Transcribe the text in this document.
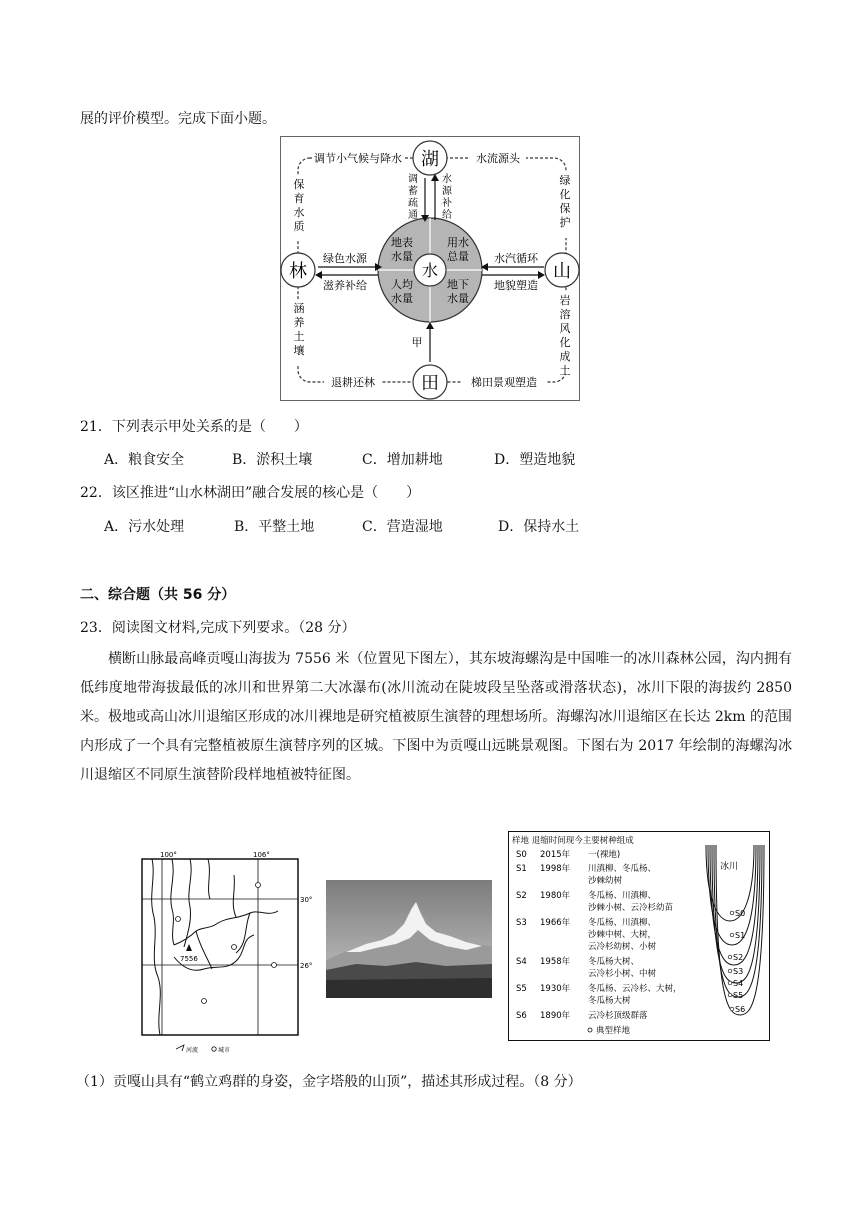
展的评价模型。完成下面小题。
水
地表
水量
用水
总量
人均
水量
地下
水量
湖
林	山
田
调节小气候与降水	水流源头
退耕还林	梯田景观塑造
保
育
水
质
涵
养
土
壤
绿
化
保
护
岩
溶
风
化
成
土
调
蓄
疏
通
水
源
补
给
绿色水源
滋养补给
水汽循环
地貌塑造
甲
21．下列表示甲处关系的是（　　）
A．粮食安全	B．淤积土壤	C．增加耕地	D．塑造地貌
22．该区推进“山水林湖田”融合发展的核心是（　　）
A．污水处理	B．平整土地	C．营造湿地	D．保持水土
二、综合题（共 56 分）
23．阅读图文材料,完成下列要求。（28 分）
横断山脉最高峰贡嘎山海拔为 7556 米（位置见下图左），其东坡海螺沟是中国唯一的冰川森林公园，沟内拥有低纬度地带海拔最低的冰川和世界第二大冰瀑布(冰川流动在陡坡段呈坠落或滑落状态)，冰川下限的海拔约 2850 米。极地或高山冰川退缩区形成的冰川裸地是研究植被原生演替的理想场所。海螺沟冰川退缩区在长达 2km 的范围内形成了一个具有完整植被原生演替序列的区城。下图中为贡嘎山远眺景观图。下图右为 2017 年绘制的海螺沟冰川退缩区不同原生演替阶段样地植被特征图。
100°	106°
30°
26°
7556
河流	城市
样地 退缩时间现今主要树种组成
S0 2015年 一(裸地)
S1 1998年 川滇柳、冬瓜杨、
沙棘幼树
S2 1980年 冬瓜杨、川滇柳、
沙棘小树、云冷杉幼苗
S3 1966年 冬瓜杨、川滇柳、
沙棘中树、大树，
云冷杉幼树、小树
S4 1958年 冬瓜杨大树、
云冷杉小树、中树
S5 1930年 冬瓜杨、云冷杉、大树，
冬瓜杨大树
S6 1890年 云冷杉顶级群落
典型样地
冰川
S0
S1
S2
S3
S4
S5
S6
（1）贡嘎山具有“鹤立鸡群的身姿，金字塔般的山顶”，描述其形成过程。（8 分）
